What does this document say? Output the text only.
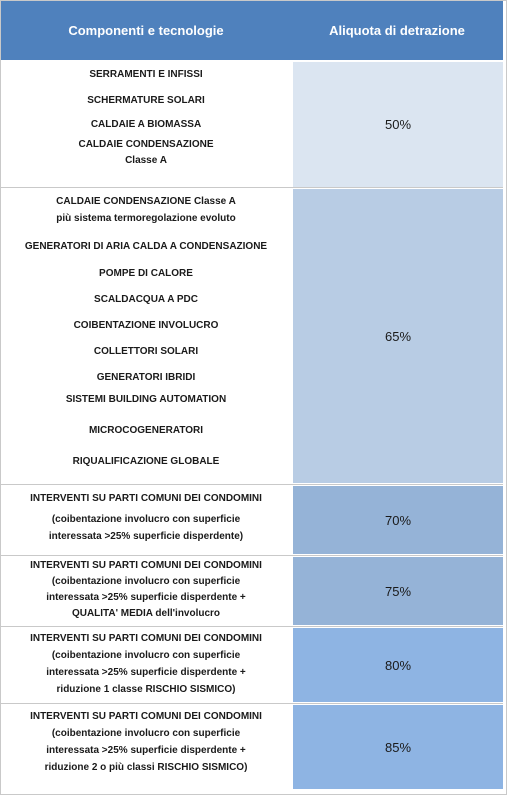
Componenti e tecnologie	Aliquota di detrazione
SERRAMENTI E INFISSI
SCHERMATURE SOLARI
CALDAIE A BIOMASSA
CALDAIE CONDENSAZIONE
Classe A
50%
CALDAIE CONDENSAZIONE Classe A
più sistema termoregolazione evoluto
GENERATORI DI ARIA CALDA A CONDENSAZIONE
POMPE DI CALORE
SCALDACQUA A PDC
COIBENTAZIONE INVOLUCRO
COLLETTORI SOLARI
GENERATORI IBRIDI
SISTEMI BUILDING AUTOMATION
MICROCOGENERATORI
RIQUALIFICAZIONE GLOBALE
65%
INTERVENTI SU PARTI COMUNI DEI CONDOMINI
(coibentazione involucro con superficie
interessata >25% superficie disperdente)
70%
INTERVENTI SU PARTI COMUNI DEI CONDOMINI
(coibentazione involucro con superficie
interessata >25% superficie disperdente +
QUALITA' MEDIA dell'involucro
75%
INTERVENTI SU PARTI COMUNI DEI CONDOMINI
(coibentazione involucro con superficie
interessata >25% superficie disperdente +
riduzione 1 classe RISCHIO SISMICO)
80%
INTERVENTI SU PARTI COMUNI DEI CONDOMINI
(coibentazione involucro con superficie
interessata >25% superficie disperdente +
riduzione 2 o più classi RISCHIO SISMICO)
85%
